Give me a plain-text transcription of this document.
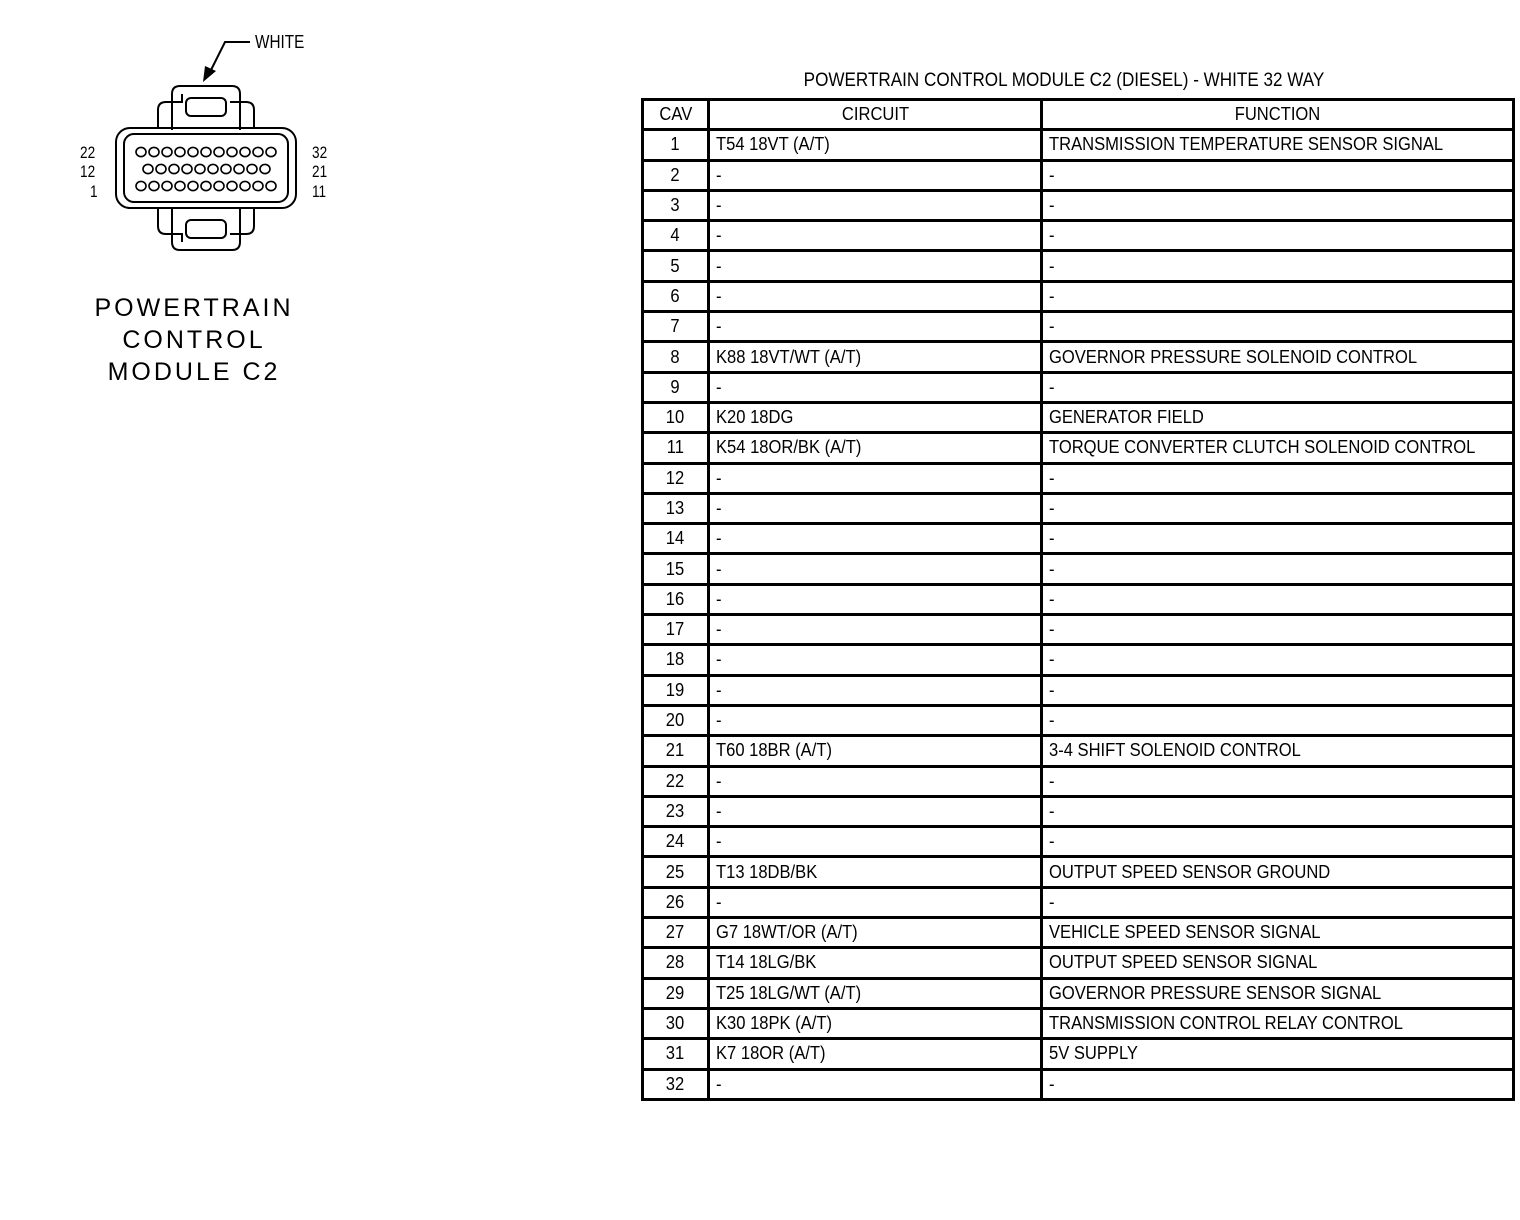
WHITE
22
12
1
32
21
11
POWERTRAIN CONTROL
MODULE C2
POWERTRAIN CONTROL MODULE C2 (DIESEL) - WHITE 32 WAY
CAV	CIRCUIT	FUNCTION
1	T54 18VT (A/T)	TRANSMISSION TEMPERATURE SENSOR SIGNAL
2	-	-
3	-	-
4	-	-
5	-	-
6	-	-
7	-	-
8	K88 18VT/WT (A/T)	GOVERNOR PRESSURE SOLENOID CONTROL
9	-	-
10	K20 18DG	GENERATOR FIELD
11	K54 18OR/BK (A/T)	TORQUE CONVERTER CLUTCH SOLENOID CONTROL
12	-	-
13	-	-
14	-	-
15	-	-
16	-	-
17	-	-
18	-	-
19	-	-
20	-	-
21	T60 18BR (A/T)	3-4 SHIFT SOLENOID CONTROL
22	-	-
23	-	-
24	-	-
25	T13 18DB/BK	OUTPUT SPEED SENSOR GROUND
26	-	-
27	G7 18WT/OR (A/T)	VEHICLE SPEED SENSOR SIGNAL
28	T14 18LG/BK	OUTPUT SPEED SENSOR SIGNAL
29	T25 18LG/WT (A/T)	GOVERNOR PRESSURE SENSOR SIGNAL
30	K30 18PK (A/T)	TRANSMISSION CONTROL RELAY CONTROL
31	K7 18OR (A/T)	5V SUPPLY
32	-	-
